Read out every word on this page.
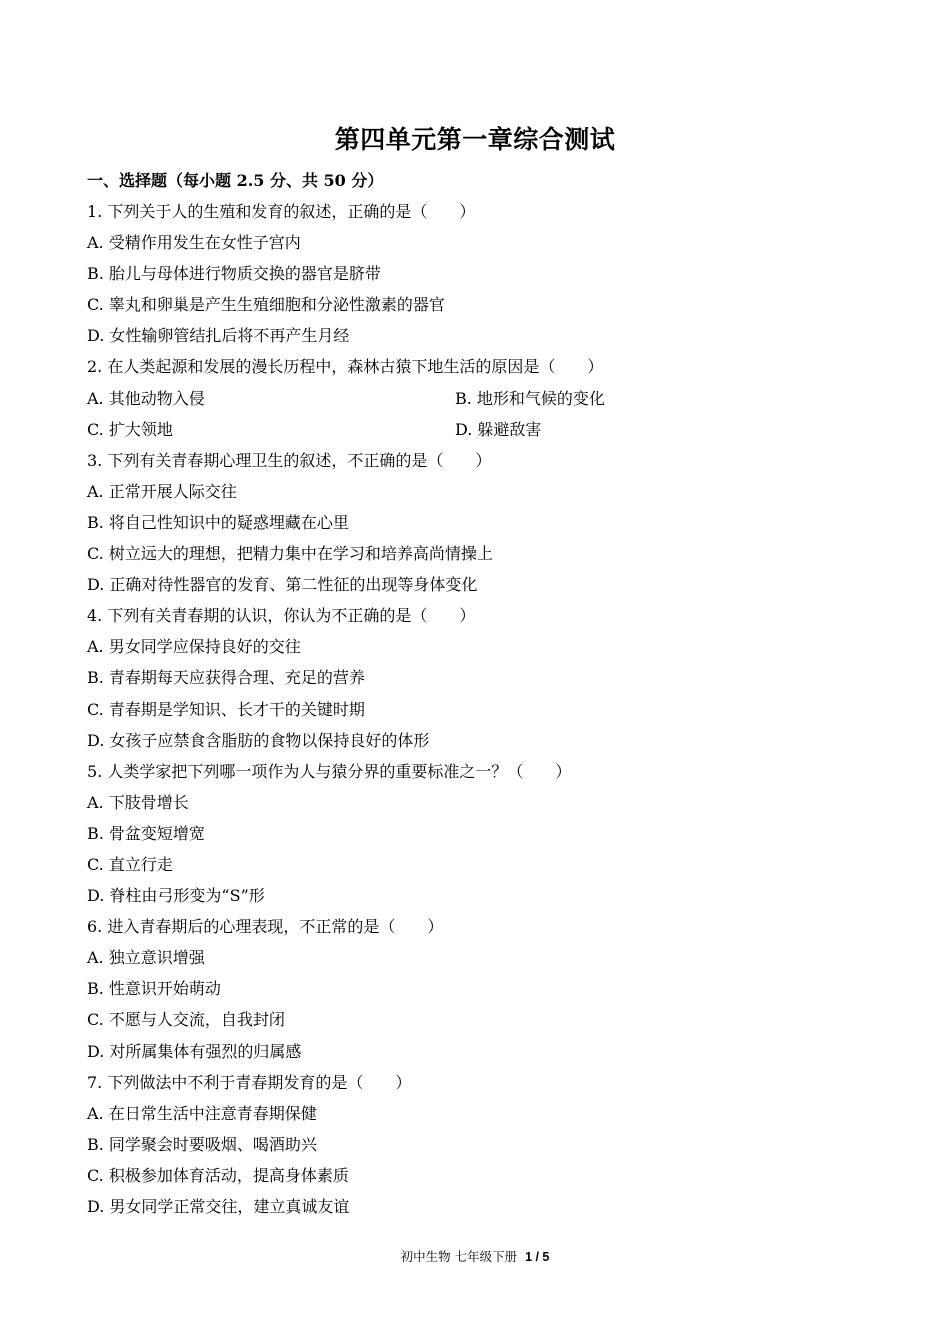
第四单元第一章综合测试
一、选择题（每小题 2.5 分、共 50 分）
1. 下列关于人的生殖和发育的叙述，正确的是（　　）
A. 受精作用发生在女性子宫内
B. 胎儿与母体进行物质交换的器官是脐带
C. 睾丸和卵巢是产生生殖细胞和分泌性激素的器官
D. 女性输卵管结扎后将不再产生月经
2. 在人类起源和发展的漫长历程中，森林古猿下地生活的原因是（　　）
A. 其他动物入侵	B. 地形和气候的变化
C. 扩大领地	D. 躲避敌害
3. 下列有关青春期心理卫生的叙述，不正确的是（　　）
A. 正常开展人际交往
B. 将自己性知识中的疑惑埋藏在心里
C. 树立远大的理想，把精力集中在学习和培养高尚情操上
D. 正确对待性器官的发育、第二性征的出现等身体变化
4. 下列有关青春期的认识，你认为不正确的是（　　）
A. 男女同学应保持良好的交往
B. 青春期每天应获得合理、充足的营养
C. 青春期是学知识、长才干的关键时期
D. 女孩子应禁食含脂肪的食物以保持良好的体形
5. 人类学家把下列哪一项作为人与猿分界的重要标准之一？（　　）
A. 下肢骨增长
B. 骨盆变短增宽
C. 直立行走
D. 脊柱由弓形变为“S”形
6. 进入青春期后的心理表现，不正常的是（　　）
A. 独立意识增强
B. 性意识开始萌动
C. 不愿与人交流，自我封闭
D. 对所属集体有强烈的归属感
7. 下列做法中不利于青春期发育的是（　　）
A. 在日常生活中注意青春期保健
B. 同学聚会时要吸烟、喝酒助兴
C. 积极参加体育活动，提高身体素质
D. 男女同学正常交往，建立真诚友谊
初中生物 七年级下册 1 / 5
